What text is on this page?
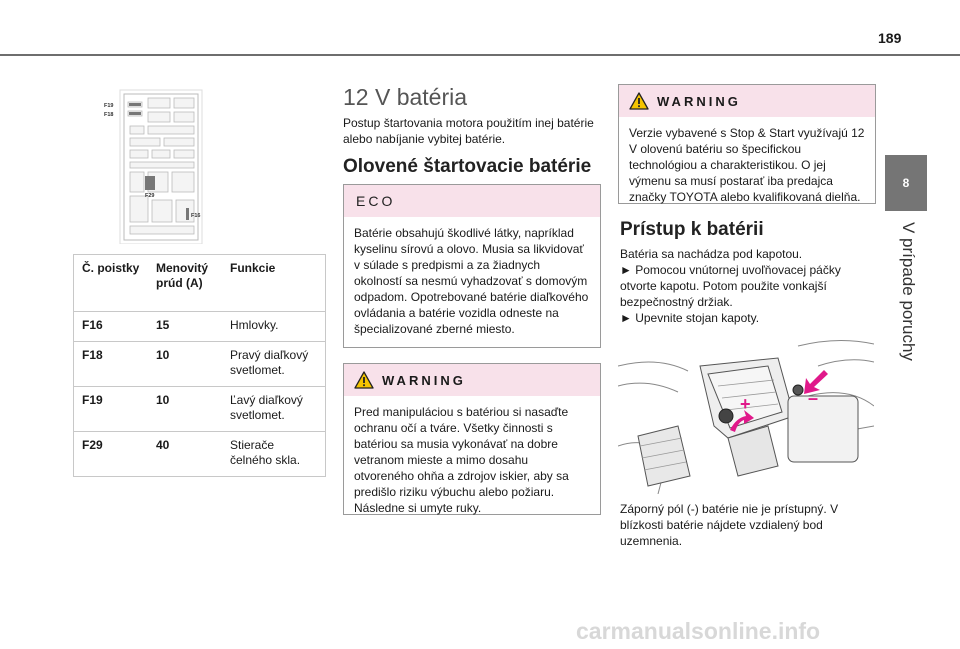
189
8
V prípade poruchy
F19
F18
F29
F16
Č. poistky	Menovitý prúd (A)	Funkcie
F16	15	Hmlovky.
F18	10	Pravý diaľkový svetlomet.
F19	10	Ľavý diaľkový svetlomet.
F29	40	Stierače čelného skla.
12 V batéria

Postup štartovania motora použitím inej batérie alebo nabíjanie vybitej batérie.

Olovené štartovacie batérie
ECO
Batérie obsahujú škodlivé látky, napríklad kyselinu sírovú a olovo. Musia sa likvidovať v súlade s predpismi a za žiadnych okolností sa nesmú vyhadzovať s domovým odpadom. Opotrebované batérie diaľkového ovládania a batérie vozidla odneste na špecializované zberné miesto.
WARNING
Pred manipuláciou s batériou si nasaďte ochranu očí a tváre. Všetky činnosti s batériou sa musia vykonávať na dobre vetranom mieste a mimo dosahu otvoreného ohňa a zdrojov iskier, aby sa predišlo riziku výbuchu alebo požiaru. Následne si umyte ruky.
WARNING
Verzie vybavené s Stop & Start využívajú 12 V olovenú batériu so špecifickou technológiou a charakteristikou. O jej výmenu sa musí postarať iba predajca značky TOYOTA alebo kvalifikovaná dielňa.
Prístup k batérii

Batéria sa nachádza pod kapotou.

► Pomocou vnútornej uvoľňovacej páčky otvorte kapotu. Potom použite vonkajší bezpečnostný držiak.

► Upevnite stojan kapoty.

+	–

Záporný pól (-) batérie nie je prístupný. V blízkosti batérie nájdete vzdialený bod uzemnenia.

carmanualsonline.info
